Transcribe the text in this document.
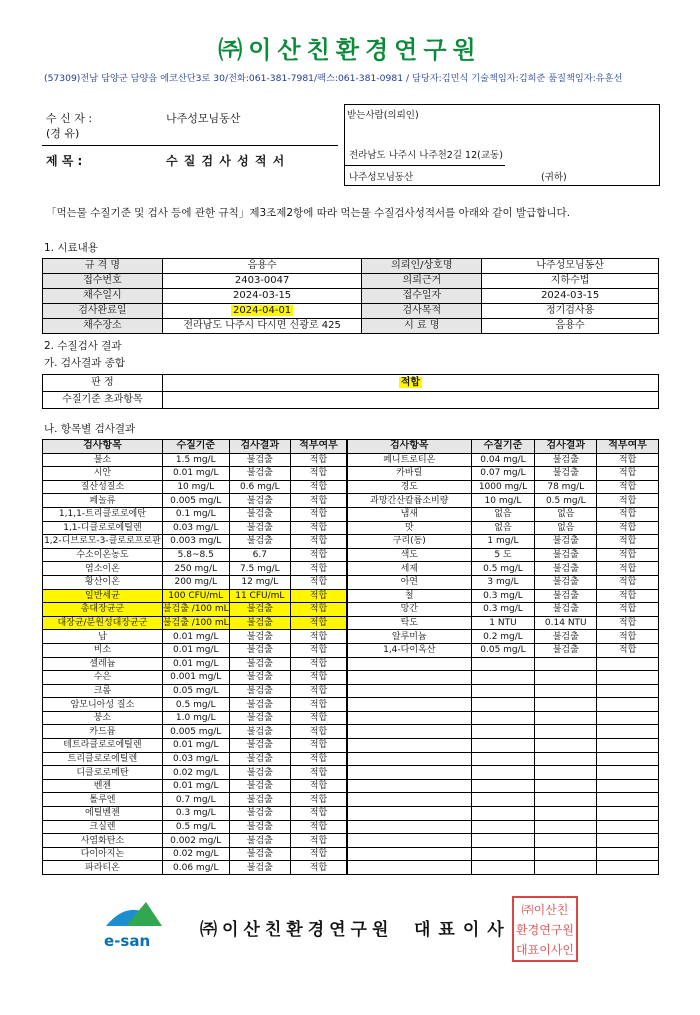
㈜이산친환경연구원
(57309)전남 담양군 담양읍 에코산단3로 30/전화:061-381-7981/팩스:061-381-0981 / 담당자:김민식 기술책임자:김희준 품질책임자:유훈선
수 신 자 :	나주성모님동산
(경 유)
제 목 :	수 질 검 사 성 적 서
받는사람(의뢰인)
전라남도 나주시 나주천2길 12(교동)
나주성모님동산	(귀하)
「먹는물 수질기준 및 검사 등에 관한 규칙」제3조제2항에 따라 먹는물 수질검사성적서를 아래와 같이 발급합니다.
1. 시료내용
규 격 명	음용수	의뢰인/상호명	나주성모님동산
접수번호	2403-0047	의뢰근거	지하수법
채수일시	2024-03-15	접수일자	2024-03-15
검사완료일	2024-04-01	검사목적	정기검사용
채수장소	전라남도 나주시 다시면 신광로 425	시 료 명	음용수
2. 수질검사 결과
가. 검사결과 종합
판 정	적합
수질기준 초과항목	
나. 항목별 검사결과
검사항목	수질기준	검사결과	적부여부
불소	1.5 mg/L	불검출	적합
시안	0.01 mg/L	불검출	적합
질산성질소	10 mg/L	0.6 mg/L	적합
페놀류	0.005 mg/L	불검출	적합
1,1,1-트리클로로에탄	0.1 mg/L	불검출	적합
1,1-디클로로에틸렌	0.03 mg/L	불검출	적합
1,2-디브로모-3-클로로프로판	0.003 mg/L	불검출	적합
수소이온농도	5.8~8.5	6.7	적합
염소이온	250 mg/L	7.5 mg/L	적합
황산이온	200 mg/L	12 mg/L	적합
일반세균	100 CFU/mL	11 CFU/mL	적합
총대장균군	불검출 /100 mL	불검출	적합
대장균/분원성대장균군	불검출 /100 mL	불검출	적합
납	0.01 mg/L	불검출	적합
비소	0.01 mg/L	불검출	적합
셀레늄	0.01 mg/L	불검출	적합
수은	0.001 mg/L	불검출	적합
크롬	0.05 mg/L	불검출	적합
암모니아성 질소	0.5 mg/L	불검출	적합
붕소	1.0 mg/L	불검출	적합
카드뮴	0.005 mg/L	불검출	적합
테트라클로로에틸렌	0.01 mg/L	불검출	적합
트리클로로에틸렌	0.03 mg/L	불검출	적합
디클로로메탄	0.02 mg/L	불검출	적합
벤젠	0.01 mg/L	불검출	적합
톨루엔	0.7 mg/L	불검출	적합
에틸벤젠	0.3 mg/L	불검출	적합
크실렌	0.5 mg/L	불검출	적합
사염화탄소	0.002 mg/L	불검출	적합
다이아지논	0.02 mg/L	불검출	적합
파라티온	0.06 mg/L	불검출	적합
검사항목	수질기준	검사결과	적부여부
페니트로티온	0.04 mg/L	불검출	적합
카바릴	0.07 mg/L	불검출	적합
경도	1000 mg/L	78 mg/L	적합
과망간산칼륨소비량	10 mg/L	0.5 mg/L	적합
냄새	없음	없음	적합
맛	없음	없음	적합
구리(동)	1 mg/L	불검출	적합
색도	5 도	불검출	적합
세제	0.5 mg/L	불검출	적합
아연	3 mg/L	불검출	적합
철	0.3 mg/L	불검출	적합
망간	0.3 mg/L	불검출	적합
탁도	1 NTU	0.14 NTU	적합
알루미늄	0.2 mg/L	불검출	적합
1,4-다이옥산	0.05 mg/L	불검출	적합

e-san
㈜이산친환경연구원 대표이사
㈜이산친
환경연구원
대표이사인
